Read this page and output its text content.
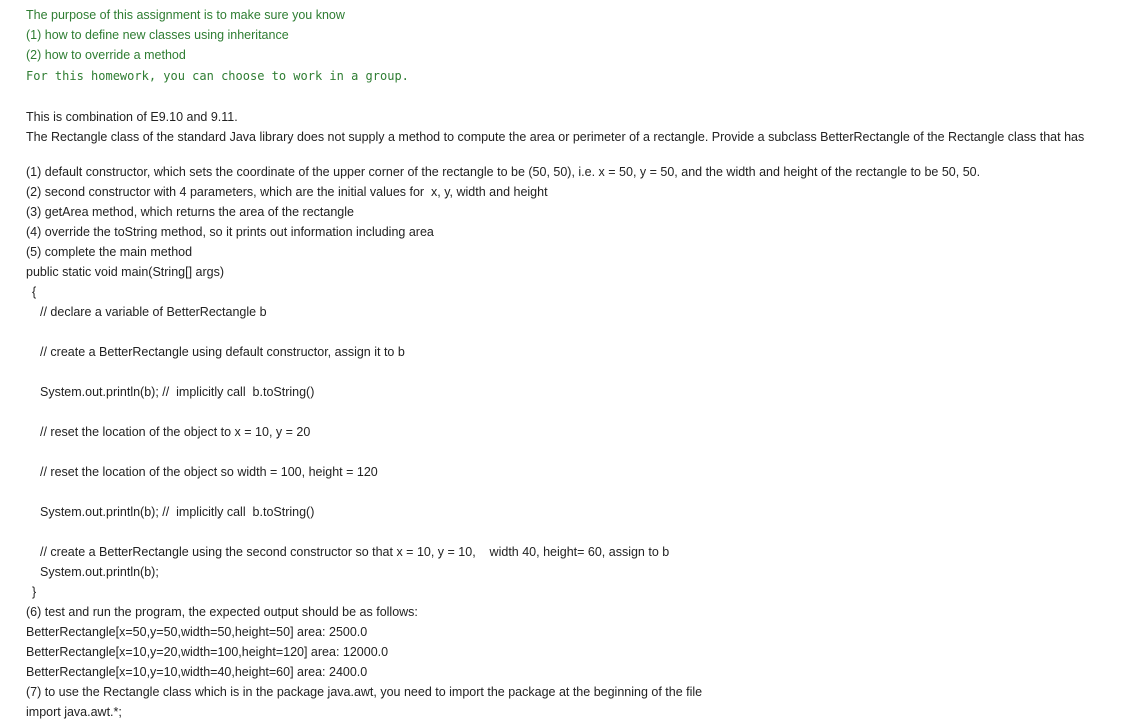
The purpose of this assignment is to make sure you know
(1) how to define new classes using inheritance
(2) how to override a method
For this homework, you can choose to work in a group.
This is combination of E9.10 and 9.11.
The Rectangle class of the standard Java library does not supply a method to compute the area or perimeter of a rectangle. Provide a subclass BetterRectangle of the Rectangle class that has
(1) default constructor, which sets the coordinate of the upper corner of the rectangle to be (50, 50), i.e. x = 50, y = 50, and the width and height of the rectangle to be 50, 50.
(2) second constructor with 4 parameters, which are the initial values for  x, y, width and height
(3) getArea method, which returns the area of the rectangle
(4) override the toString method, so it prints out information including area
(5) complete the main method
public static void main(String[] args)
{
// declare a variable of BetterRectangle b
// create a BetterRectangle using default constructor, assign it to b
System.out.println(b); //  implicitly call  b.toString()
// reset the location of the object to x = 10, y = 20
// reset the location of the object so width = 100, height = 120
System.out.println(b); //  implicitly call  b.toString()
// create a BetterRectangle using the second constructor so that x = 10, y = 10,    width 40, height= 60, assign to b
System.out.println(b);
}
(6) test and run the program, the expected output should be as follows:
BetterRectangle[x=50,y=50,width=50,height=50] area: 2500.0
BetterRectangle[x=10,y=20,width=100,height=120] area: 12000.0
BetterRectangle[x=10,y=10,width=40,height=60] area: 2400.0
(7) to use the Rectangle class which is in the package java.awt, you need to import the package at the beginning of the file
import java.awt.*;
